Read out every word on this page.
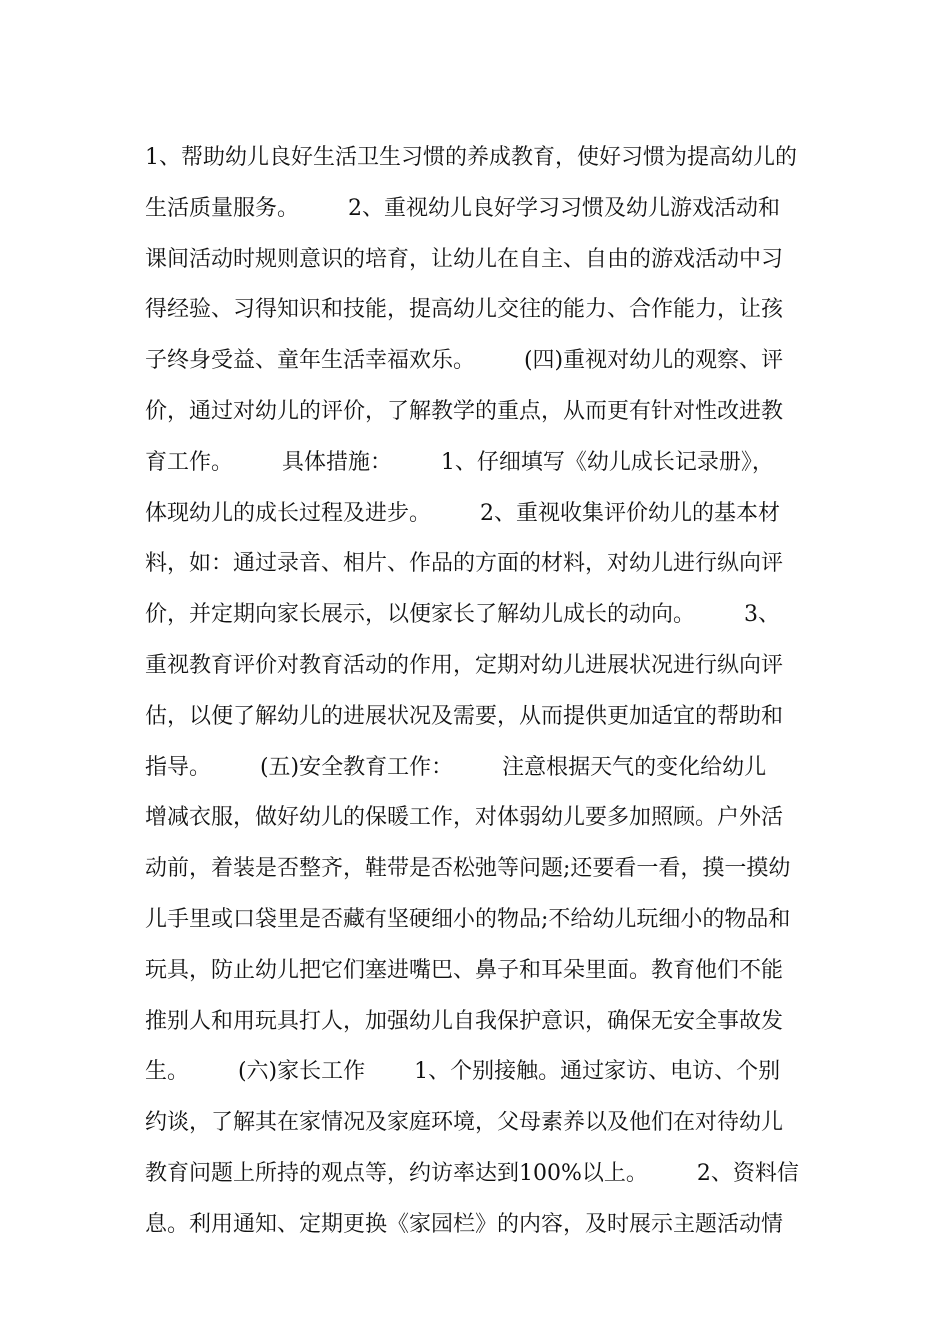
1、帮助幼儿良好生活卫生习惯的养成教育，使好习惯为提高幼儿的
生活质量服务。       2、重视幼儿良好学习习惯及幼儿游戏活动和
课间活动时规则意识的培育，让幼儿在自主、自由的游戏活动中习
得经验、习得知识和技能，提高幼儿交往的能力、合作能力，让孩
子终身受益、童年生活幸福欢乐。       (四)重视对幼儿的观察、评
价，通过对幼儿的评价，了解教学的重点，从而更有针对性改进教
育工作。       具体措施：       1、仔细填写《幼儿成长记录册》，
体现幼儿的成长过程及进步。       2、重视收集评价幼儿的基本材
料，如：通过录音、相片、作品的方面的材料，对幼儿进行纵向评
价，并定期向家长展示，以便家长了解幼儿成长的动向。       3、
重视教育评价对教育活动的作用，定期对幼儿进展状况进行纵向评
估，以便了解幼儿的进展状况及需要，从而提供更加适宜的帮助和
指导。       (五)安全教育工作：       注意根据天气的变化给幼儿
增减衣服，做好幼儿的保暖工作，对体弱幼儿要多加照顾。户外活
动前，着装是否整齐，鞋带是否松弛等问题;还要看一看，摸一摸幼
儿手里或口袋里是否藏有坚硬细小的物品;不给幼儿玩细小的物品和
玩具，防止幼儿把它们塞进嘴巴、鼻子和耳朵里面。教育他们不能
推别人和用玩具打人，加强幼儿自我保护意识，确保无安全事故发
生。       (六)家长工作       1、个别接触。通过家访、电访、个别
约谈，了解其在家情况及家庭环境，父母素养以及他们在对待幼儿
教育问题上所持的观点等，约访率达到100%以上。       2、资料信
息。利用通知、定期更换《家园栏》的内容，及时展示主题活动情
